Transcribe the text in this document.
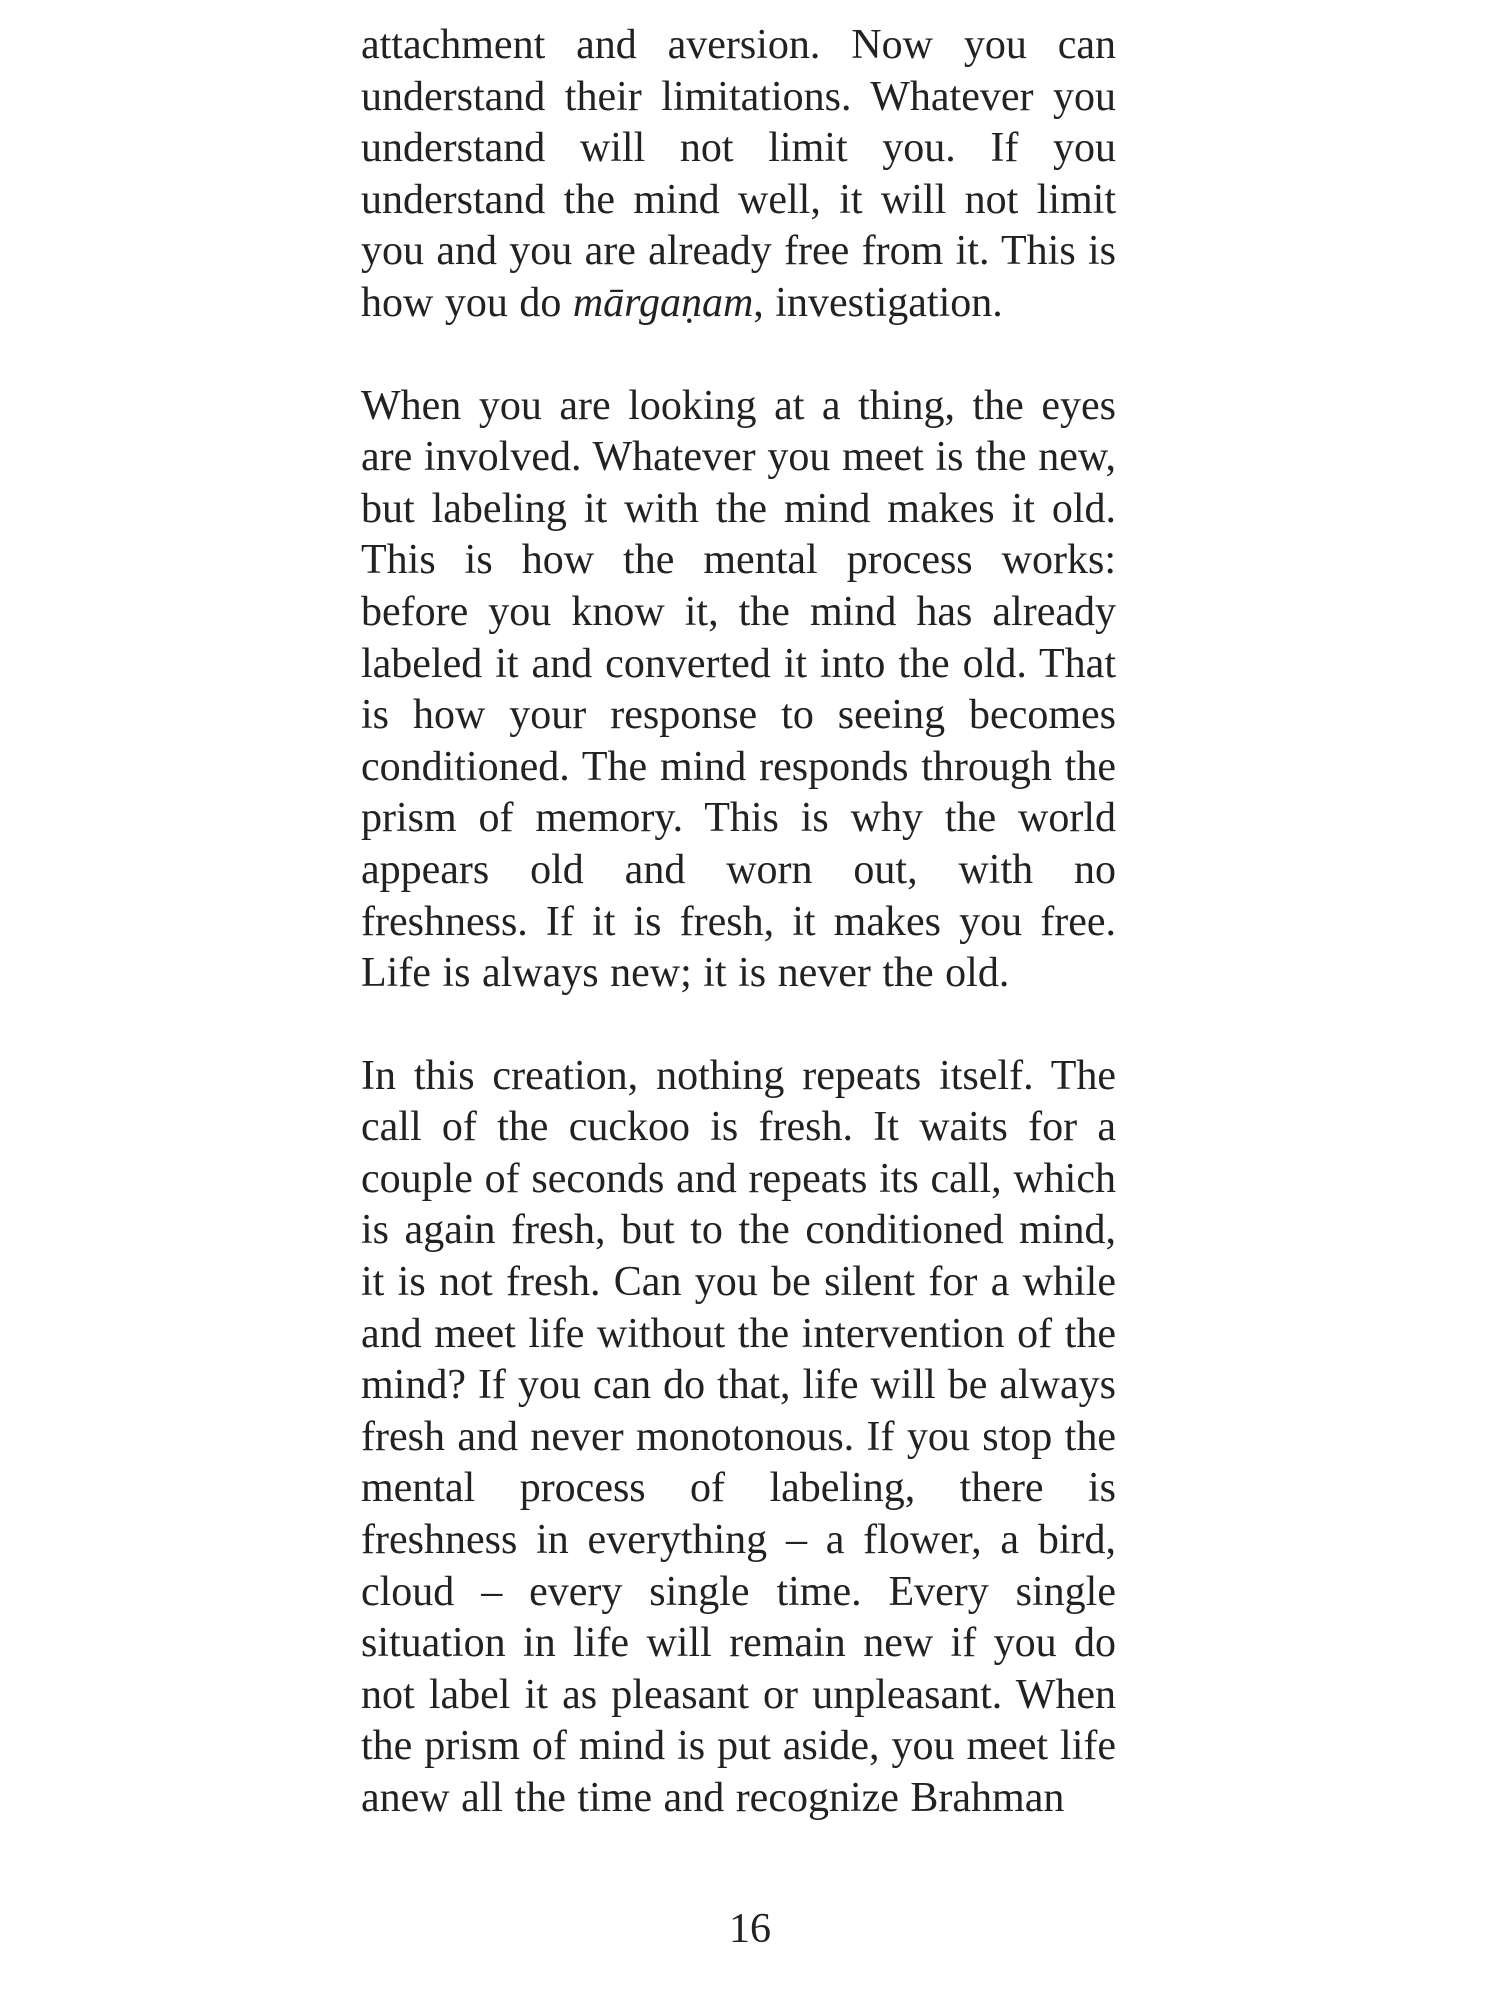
attachment and aversion. Now you can understand their limitations. Whatever you understand will not limit you. If you understand the mind well, it will not limit you and you are already free from it. This is how you do mārgaṇam, investigation.

When you are looking at a thing, the eyes are involved. Whatever you meet is the new, but labeling it with the mind makes it old. This is how the mental process works: before you know it, the mind has already labeled it and converted it into the old. That is how your response to seeing becomes conditioned. The mind responds through the prism of memory. This is why the world appears old and worn out, with no freshness. If it is fresh, it makes you free. Life is always new; it is never the old.

In this creation, nothing repeats itself. The call of the cuckoo is fresh. It waits for a couple of seconds and repeats its call, which is again fresh, but to the conditioned mind, it is not fresh. Can you be silent for a while and meet life without the intervention of the mind? If you can do that, life will be always fresh and never monotonous. If you stop the mental process of labeling, there is freshness in everything – a flower, a bird, cloud – every single time. Every single situation in life will remain new if you do not label it as pleasant or unpleasant. When the prism of mind is put aside, you meet life anew all the time and recognize Brahman

16
